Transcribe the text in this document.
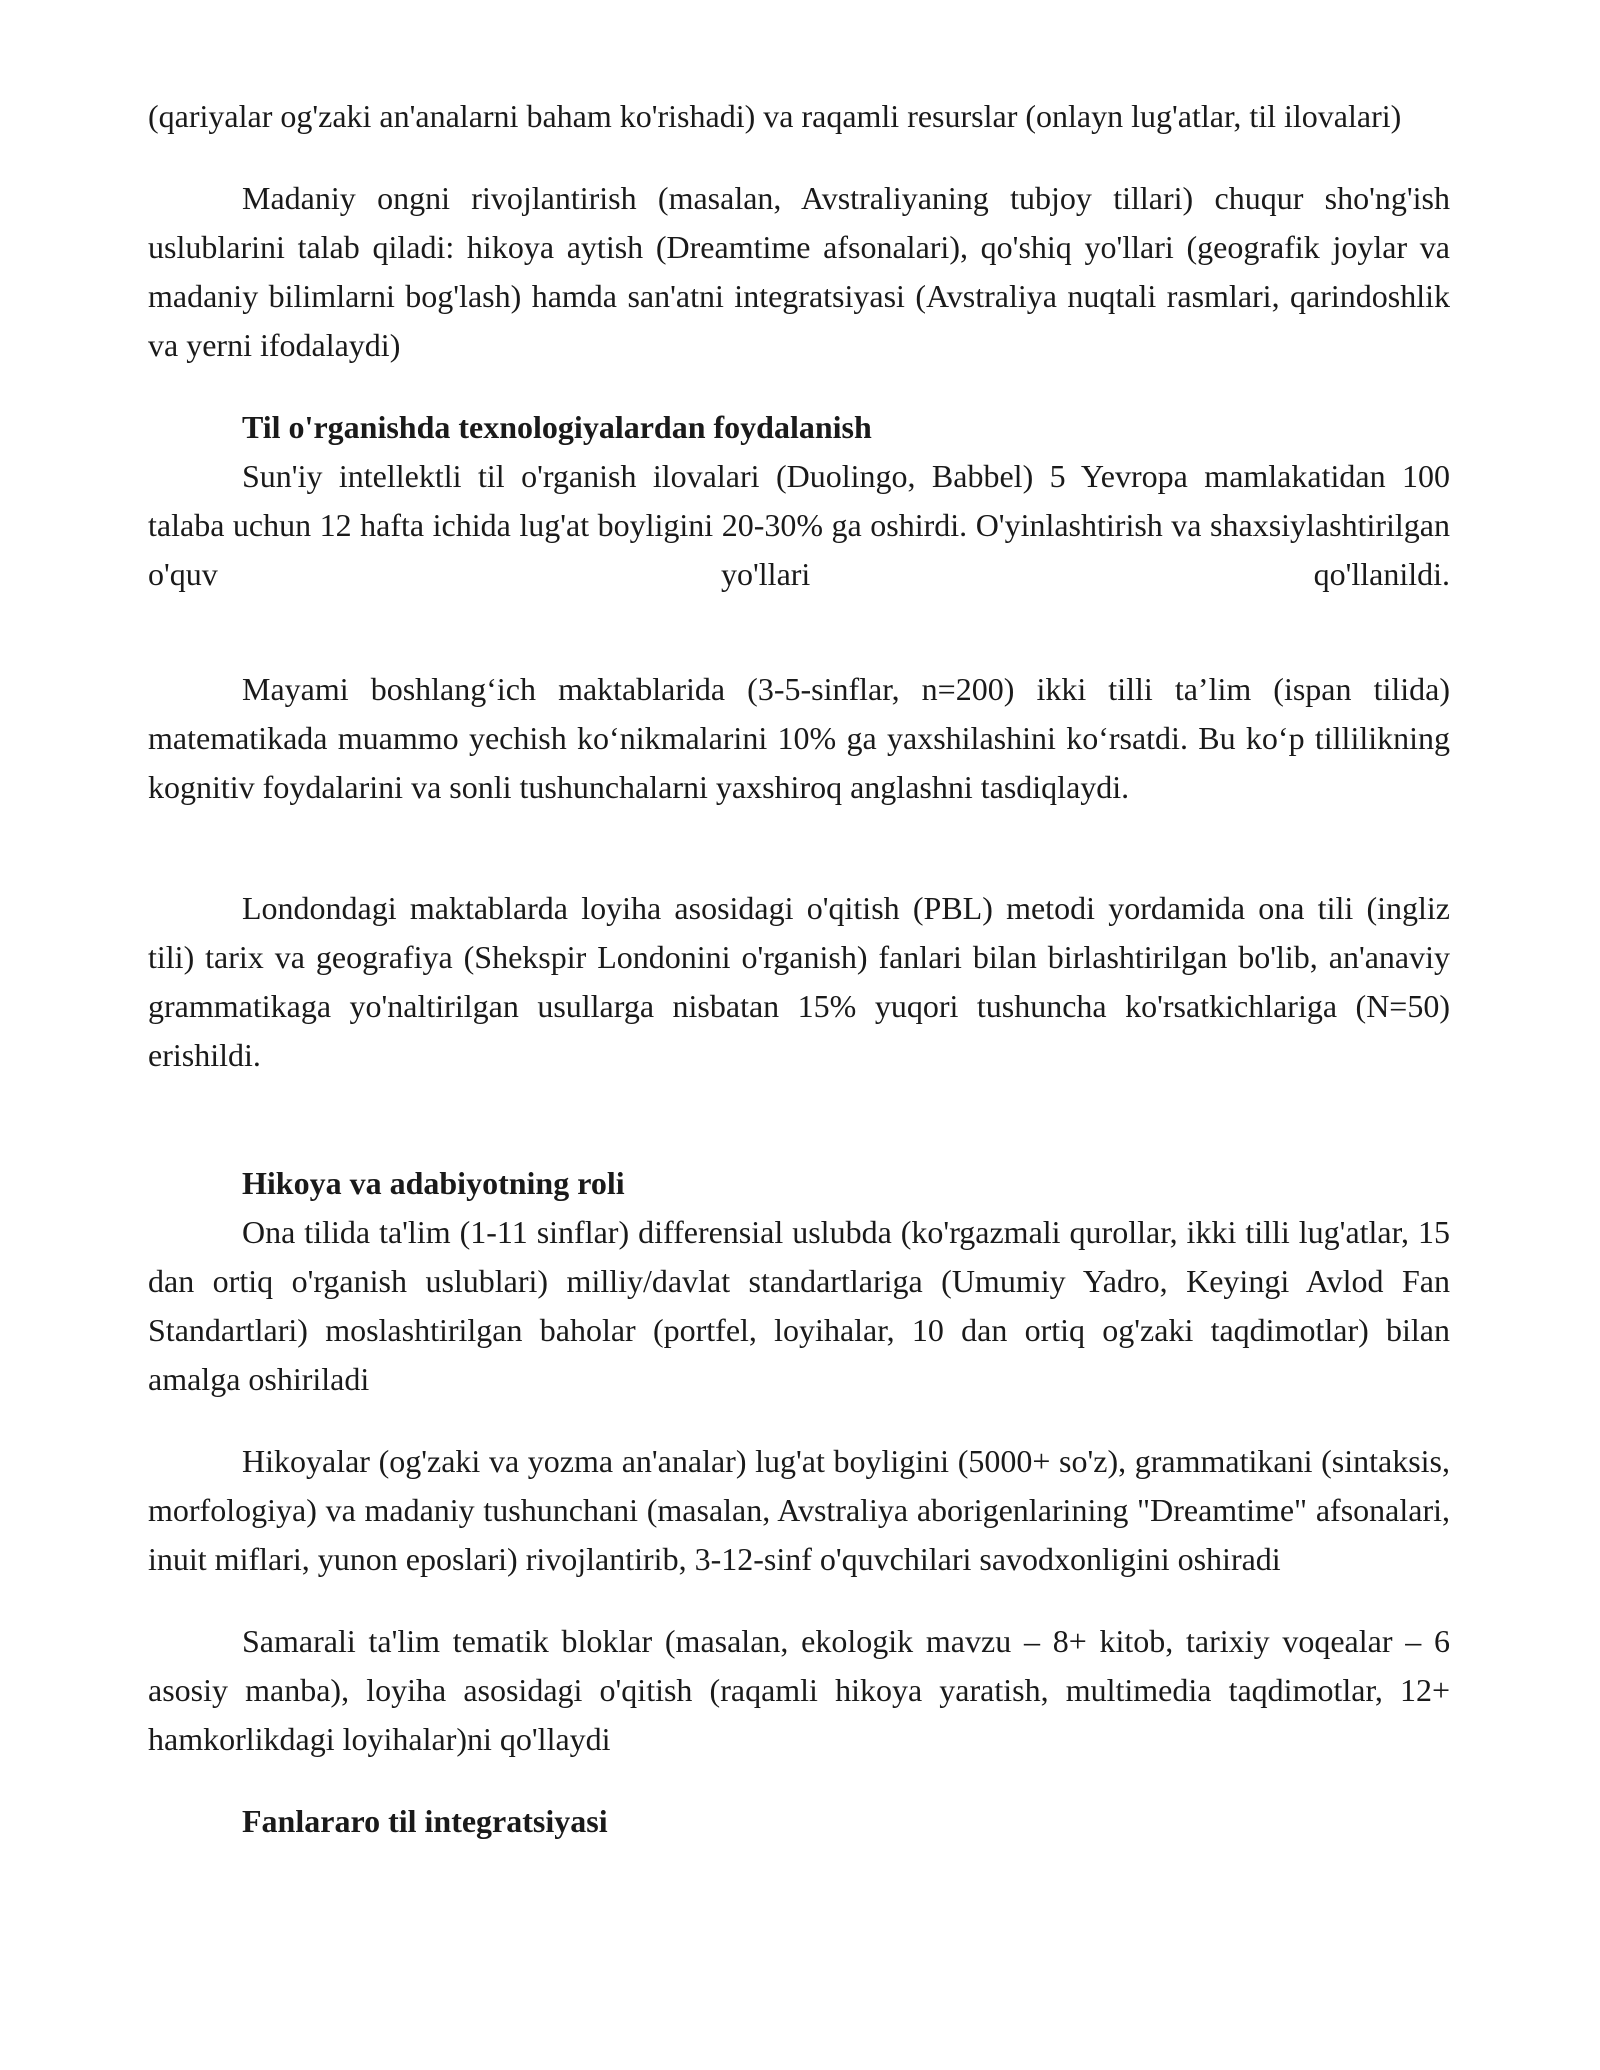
(qariyalar og'zaki an'analarni baham ko'rishadi) va raqamli resurslar (onlayn lug'atlar, til ilovalari)

Madaniy ongni rivojlantirish (masalan, Avstraliyaning tubjoy tillari) chuqur sho'ng'ish uslublarini talab qiladi: hikoya aytish (Dreamtime afsonalari), qo'shiq yo'llari (geografik joylar va madaniy bilimlarni bog'lash) hamda san'atni integratsiyasi (Avstraliya nuqtali rasmlari, qarindoshlik va yerni ifodalaydi)

Til o'rganishda texnologiyalardan foydalanish

Sun'iy intellektli til o'rganish ilovalari (Duolingo, Babbel) 5 Yevropa mamlakatidan 100 talaba uchun 12 hafta ichida lug'at boyligini 20-30% ga oshirdi. O'yinlashtirish va shaxsiylashtirilgan o'quv yo'llari qo'llanildi.

Mayami boshlang‘ich maktablarida (3-5-sinflar, n=200) ikki tilli ta’lim (ispan tilida) matematikada muammo yechish ko‘nikmalarini 10% ga yaxshilashini ko‘rsatdi. Bu ko‘p tillilikning kognitiv foydalarini va sonli tushunchalarni yaxshiroq anglashni tasdiqlaydi.

Londondagi maktablarda loyiha asosidagi o'qitish (PBL) metodi yordamida ona tili (ingliz tili) tarix va geografiya (Shekspir Londonini o'rganish) fanlari bilan birlashtirilgan bo'lib, an'anaviy grammatikaga yo'naltirilgan usullarga nisbatan 15% yuqori tushuncha ko'rsatkichlariga (N=50) erishildi.

Hikoya va adabiyotning roli

Ona tilida ta'lim (1-11 sinflar) differensial uslubda (ko'rgazmali qurollar, ikki tilli lug'atlar, 15 dan ortiq o'rganish uslublari) milliy/davlat standartlariga (Umumiy Yadro, Keyingi Avlod Fan Standartlari) moslashtirilgan baholar (portfel, loyihalar, 10 dan ortiq og'zaki taqdimotlar) bilan amalga oshiriladi

Hikoyalar (og'zaki va yozma an'analar) lug'at boyligini (5000+ so'z), grammatikani (sintaksis, morfologiya) va madaniy tushunchani (masalan, Avstraliya aborigenlarining "Dreamtime" afsonalari, inuit miflari, yunon eposlari) rivojlantirib, 3-12-sinf o'quvchilari savodxonligini oshiradi

Samarali ta'lim tematik bloklar (masalan, ekologik mavzu – 8+ kitob, tarixiy voqealar – 6 asosiy manba), loyiha asosidagi o'qitish (raqamli hikoya yaratish, multimedia taqdimotlar, 12+ hamkorlikdagi loyihalar)ni qo'llaydi

Fanlararo til integratsiyasi
